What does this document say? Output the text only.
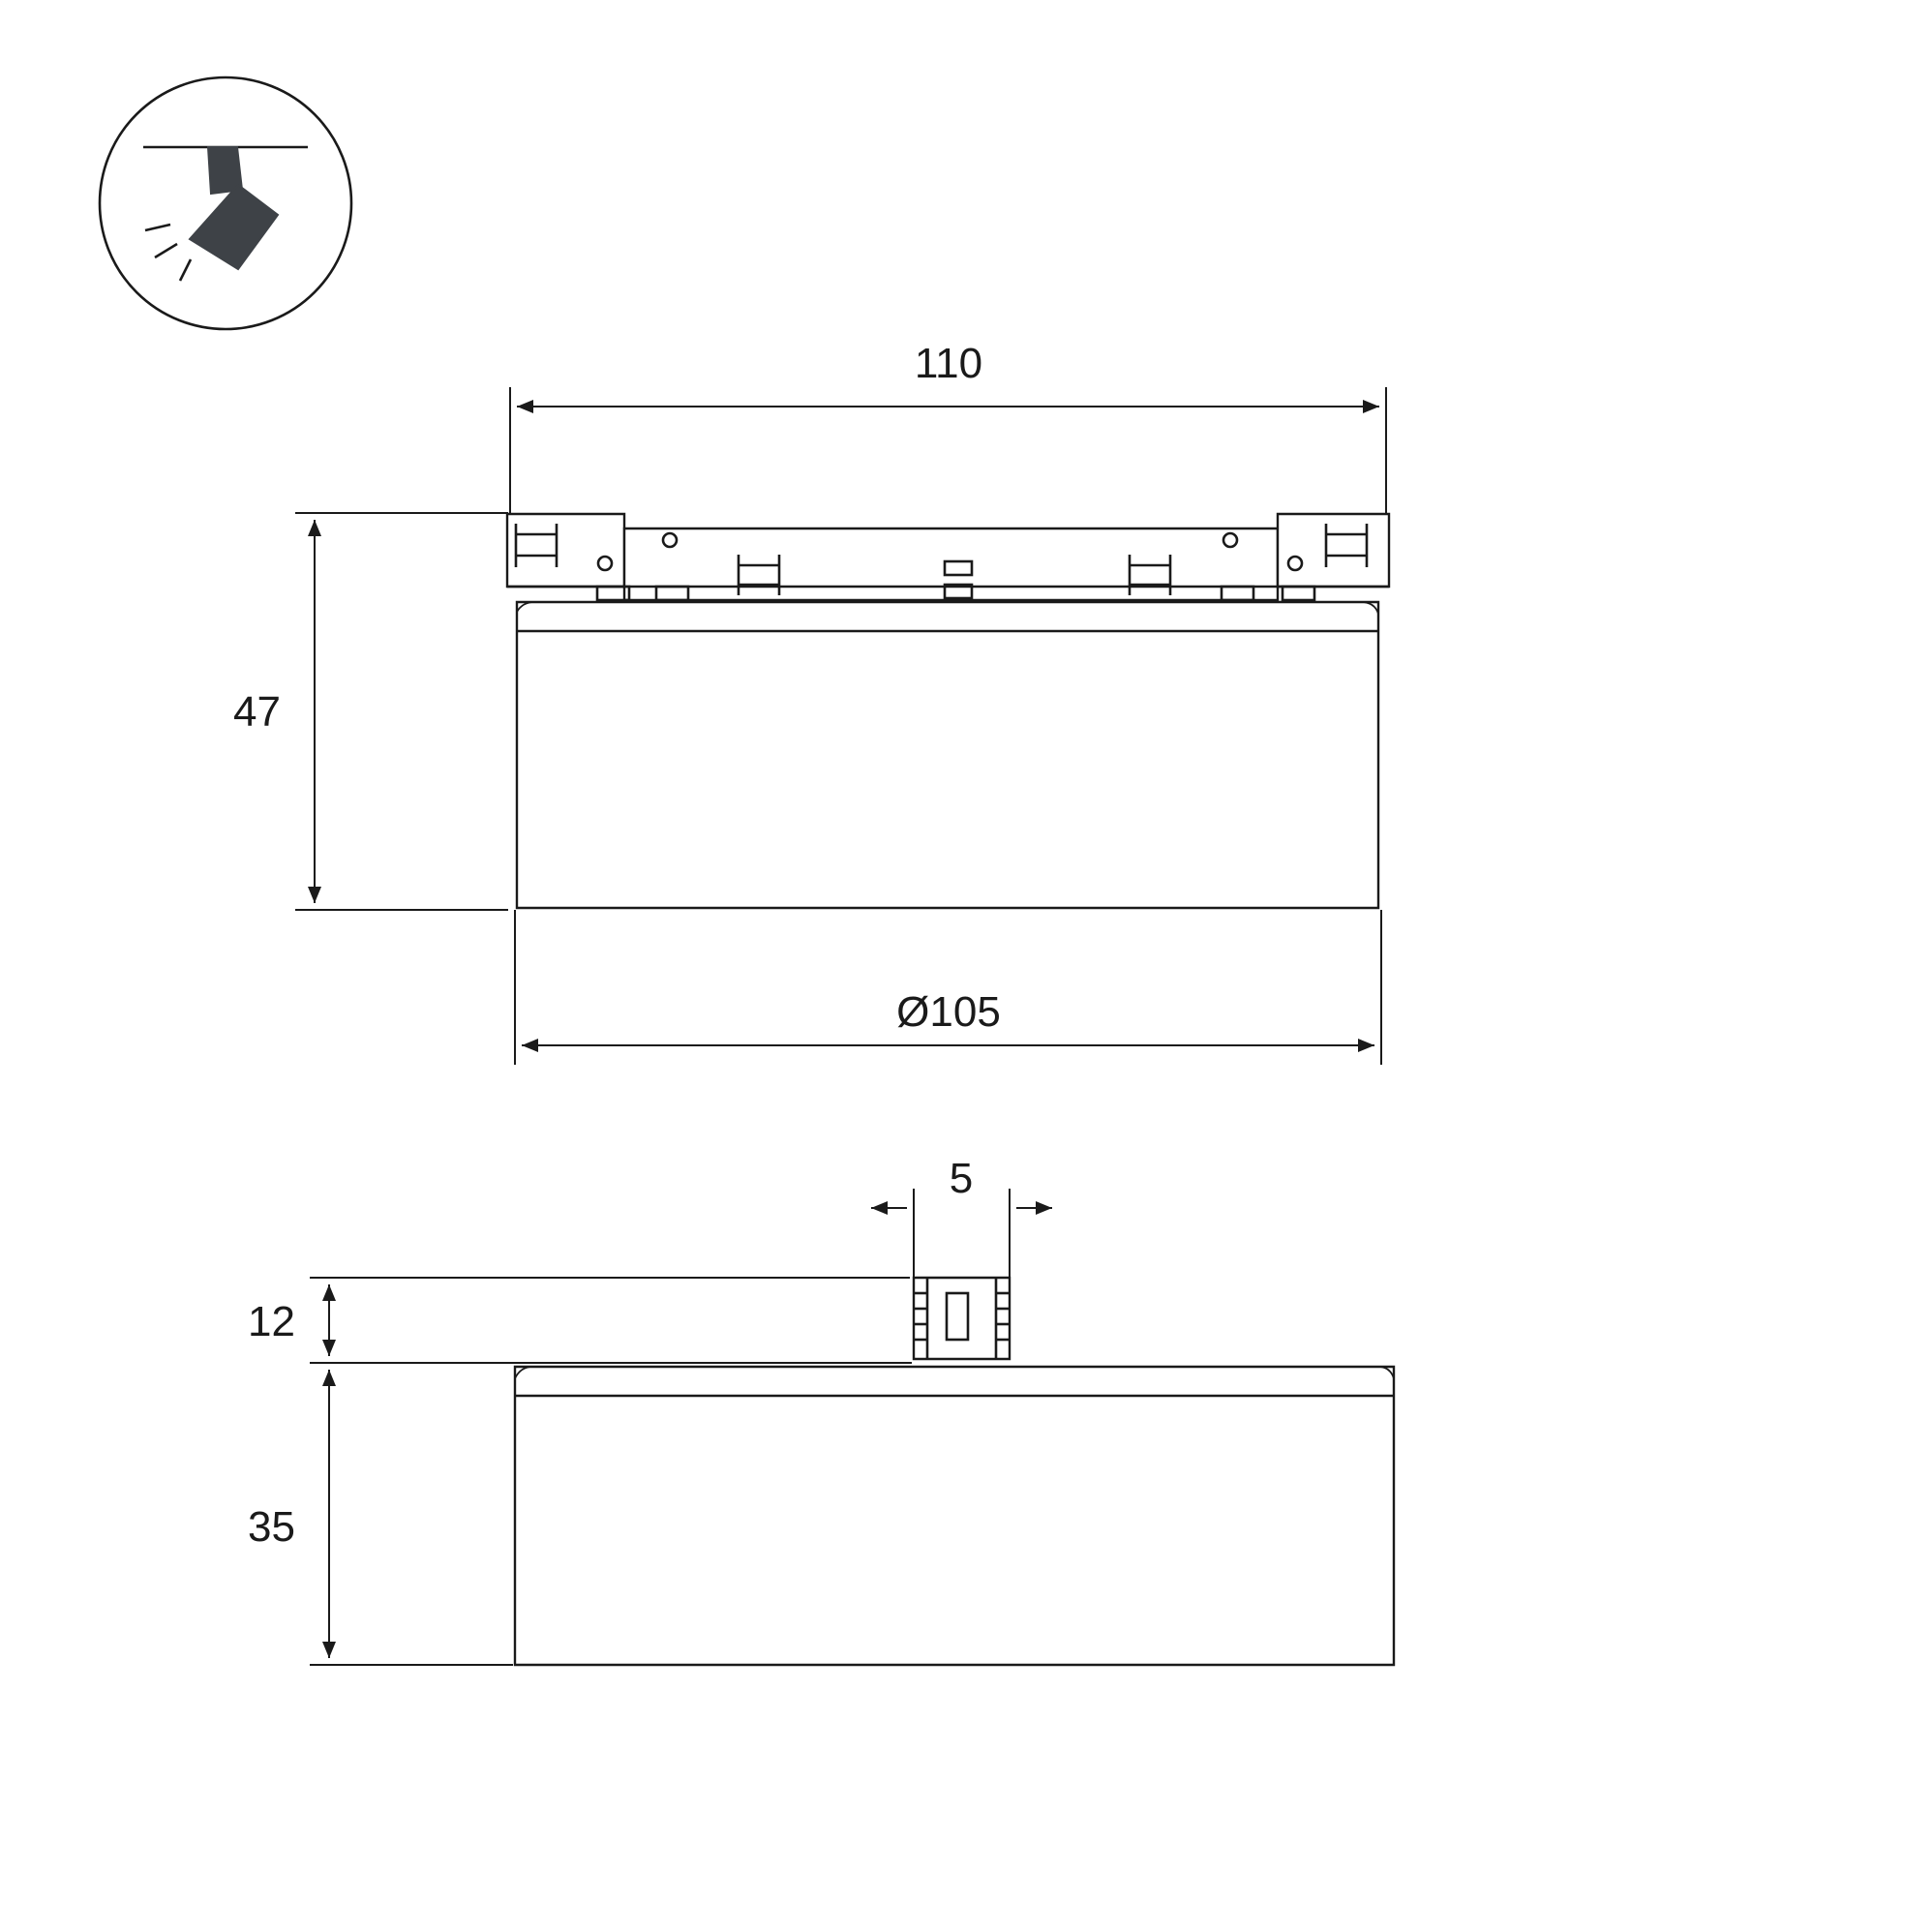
110
47
Ø105
5
12
35
